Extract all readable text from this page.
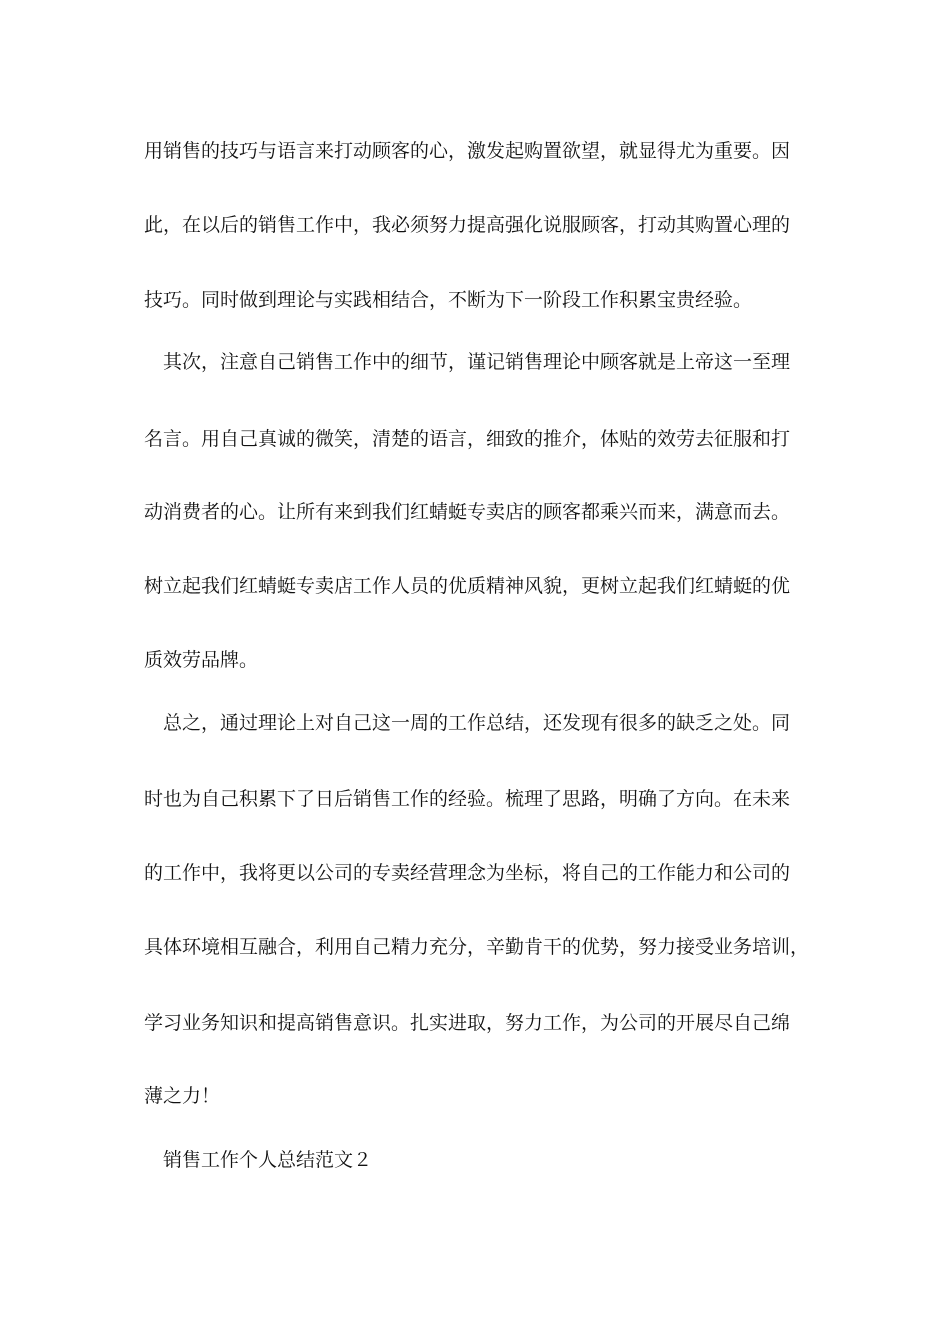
用销售的技巧与语言来打动顾客的心，激发起购置欲望，就显得尤为重要。因
此，在以后的销售工作中，我必须努力提高强化说服顾客，打动其购置心理的
技巧。同时做到理论与实践相结合，不断为下一阶段工作积累宝贵经验。
其次，注意自己销售工作中的细节，谨记销售理论中顾客就是上帝这一至理
名言。用自己真诚的微笑，清楚的语言，细致的推介，体贴的效劳去征服和打
动消费者的心。让所有来到我们红蜻蜓专卖店的顾客都乘兴而来，满意而去。
树立起我们红蜻蜓专卖店工作人员的优质精神风貌，更树立起我们红蜻蜓的优
质效劳品牌。
总之，通过理论上对自己这一周的工作总结，还发现有很多的缺乏之处。同
时也为自己积累下了日后销售工作的经验。梳理了思路，明确了方向。在未来
的工作中，我将更以公司的专卖经营理念为坐标，将自己的工作能力和公司的
具体环境相互融合，利用自己精力充分，辛勤肯干的优势，努力接受业务培训，
学习业务知识和提高销售意识。扎实进取，努力工作，为公司的开展尽自己绵
薄之力！
销售工作个人总结范文２
